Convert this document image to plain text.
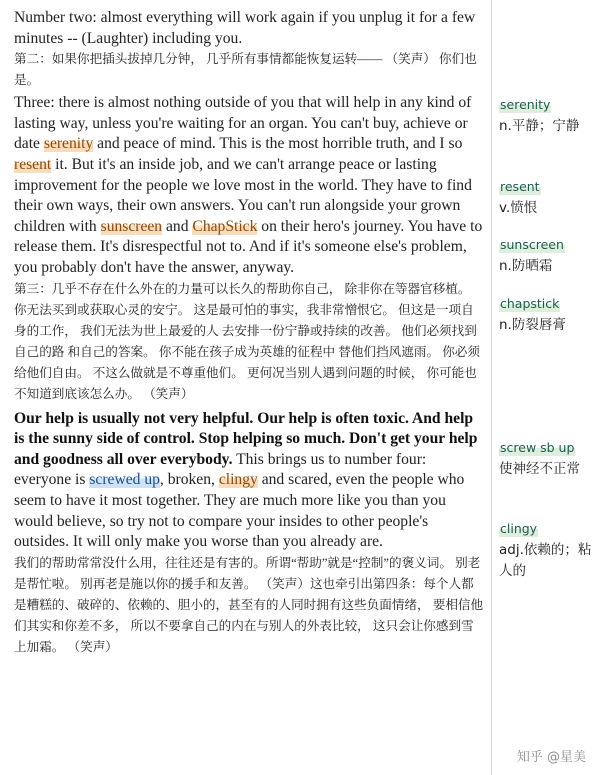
Number two: almost everything will work again if you unplug it for a few minutes -- (Laughter) including you.

第二：如果你把插头拔掉几分钟， 几乎所有事情都能恢复运转—— （笑声） 你们也是。

Three: there is almost nothing outside of you that will help in any kind of lasting way, unless you're waiting for an organ. You can't buy, achieve or date serenity and peace of mind. This is the most horrible truth, and I so resent it. But it's an inside job, and we can't arrange peace or lasting improvement for the people we love most in the world. They have to find their own ways, their own answers. You can't run alongside your grown children with sunscreen and ChapStick on their hero's journey. You have to release them. It's disrespectful not to. And if it's someone else's problem, you probably don't have the answer, anyway.

第三：几乎不存在什么外在的力量可以长久的帮助你自己， 除非你在等器官移植。 你无法买到或获取心灵的安宁。 这是最可怕的事实，我非常憎恨它。 但这是一项自身的工作， 我们无法为世上最爱的人 去安排一份宁静或持续的改善。 他们必须找到自己的路 和自己的答案。 你不能在孩子成为英雄的征程中 替他们挡风遮雨。 你必须给他们自由。 不这么做就是不尊重他们。 更何况当别人遇到问题的时候， 你可能也不知道到底该怎么办。 （笑声）

Our help is usually not very helpful. Our help is often toxic. And help is the sunny side of control. Stop helping so much. Don't get your help and goodness all over everybody. This brings us to number four: everyone is screwed up, broken, clingy and scared, even the people who seem to have it most together. They are much more like you than you would believe, so try not to compare your insides to other people's outsides. It will only make you worse than you already are.

我们的帮助常常没什么用，往往还是有害的。所谓“帮助”就是“控制”的褒义词。 别老是帮忙啦。 别再老是施以你的援手和友善。 （笑声）这也牵引出第四条：每个人都是糟糕的、破碎的、依赖的、胆小的，甚至有的人同时拥有这些负面情绪， 要相信他们其实和你差不多， 所以不要拿自己的内在与别人的外表比较， 这只会让你感到雪上加霜。 （笑声）

serenity
n.平静；宁静
resent
v.愤恨
sunscreen
n.防晒霜
chapstick
n.防裂唇膏
screw sb up
使神经不正常
clingy
adj.依赖的；粘人的
知乎 @星美
